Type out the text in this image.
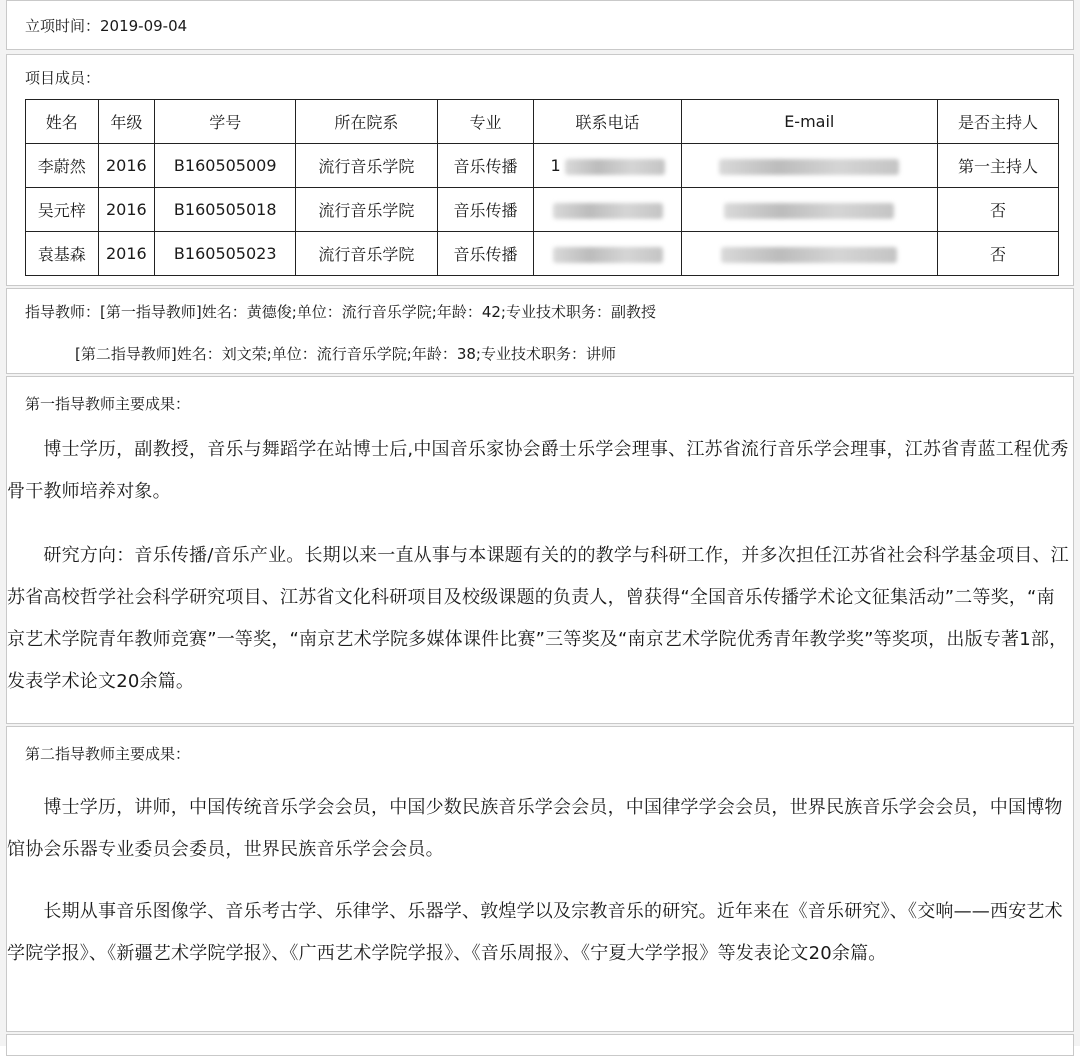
立项时间：2019-09-04
项目成员：
姓名	年级	学号	所在院系	专业	联系电话	E-mail	是否主持人
李蔚然	2016	B160505009	流行音乐学院	音乐传播	1		第一主持人
吴元梓	2016	B160505018	流行音乐学院	音乐传播			否
袁基森	2016	B160505023	流行音乐学院	音乐传播			否
指导教师：[第一指导教师]姓名：黄德俊;单位：流行音乐学院;年龄：42;专业技术职务：副教授
[第二指导教师]姓名：刘文荣;单位：流行音乐学院;年龄：38;专业技术职务：讲师
第一指导教师主要成果：
　　博士学历，副教授，音乐与舞蹈学在站博士后,中国音乐家协会爵士乐学会理事、江苏省流行音乐学会理事，江苏省青蓝工程优秀骨干教师培养对象。
　　研究方向：音乐传播/音乐产业。长期以来一直从事与本课题有关的的教学与科研工作，并多次担任江苏省社会科学基金项目、江苏省高校哲学社会科学研究项目、江苏省文化科研项目及校级课题的负责人，曾获得“全国音乐传播学术论文征集活动”二等奖，“南京艺术学院青年教师竞赛”一等奖，“南京艺术学院多媒体课件比赛”三等奖及“南京艺术学院优秀青年教学奖”等奖项，出版专著1部，发表学术论文20余篇。
第二指导教师主要成果：
　　博士学历，讲师，中国传统音乐学会会员，中国少数民族音乐学会会员，中国律学学会会员，世界民族音乐学会会员，中国博物馆协会乐器专业委员会委员，世界民族音乐学会会员。
　　长期从事音乐图像学、音乐考古学、乐律学、乐器学、敦煌学以及宗教音乐的研究。近年来在《音乐研究》、《交响——西安艺术学院学报》、《新疆艺术学院学报》、《广西艺术学院学报》、《音乐周报》、《宁夏大学学报》等发表论文20余篇。
